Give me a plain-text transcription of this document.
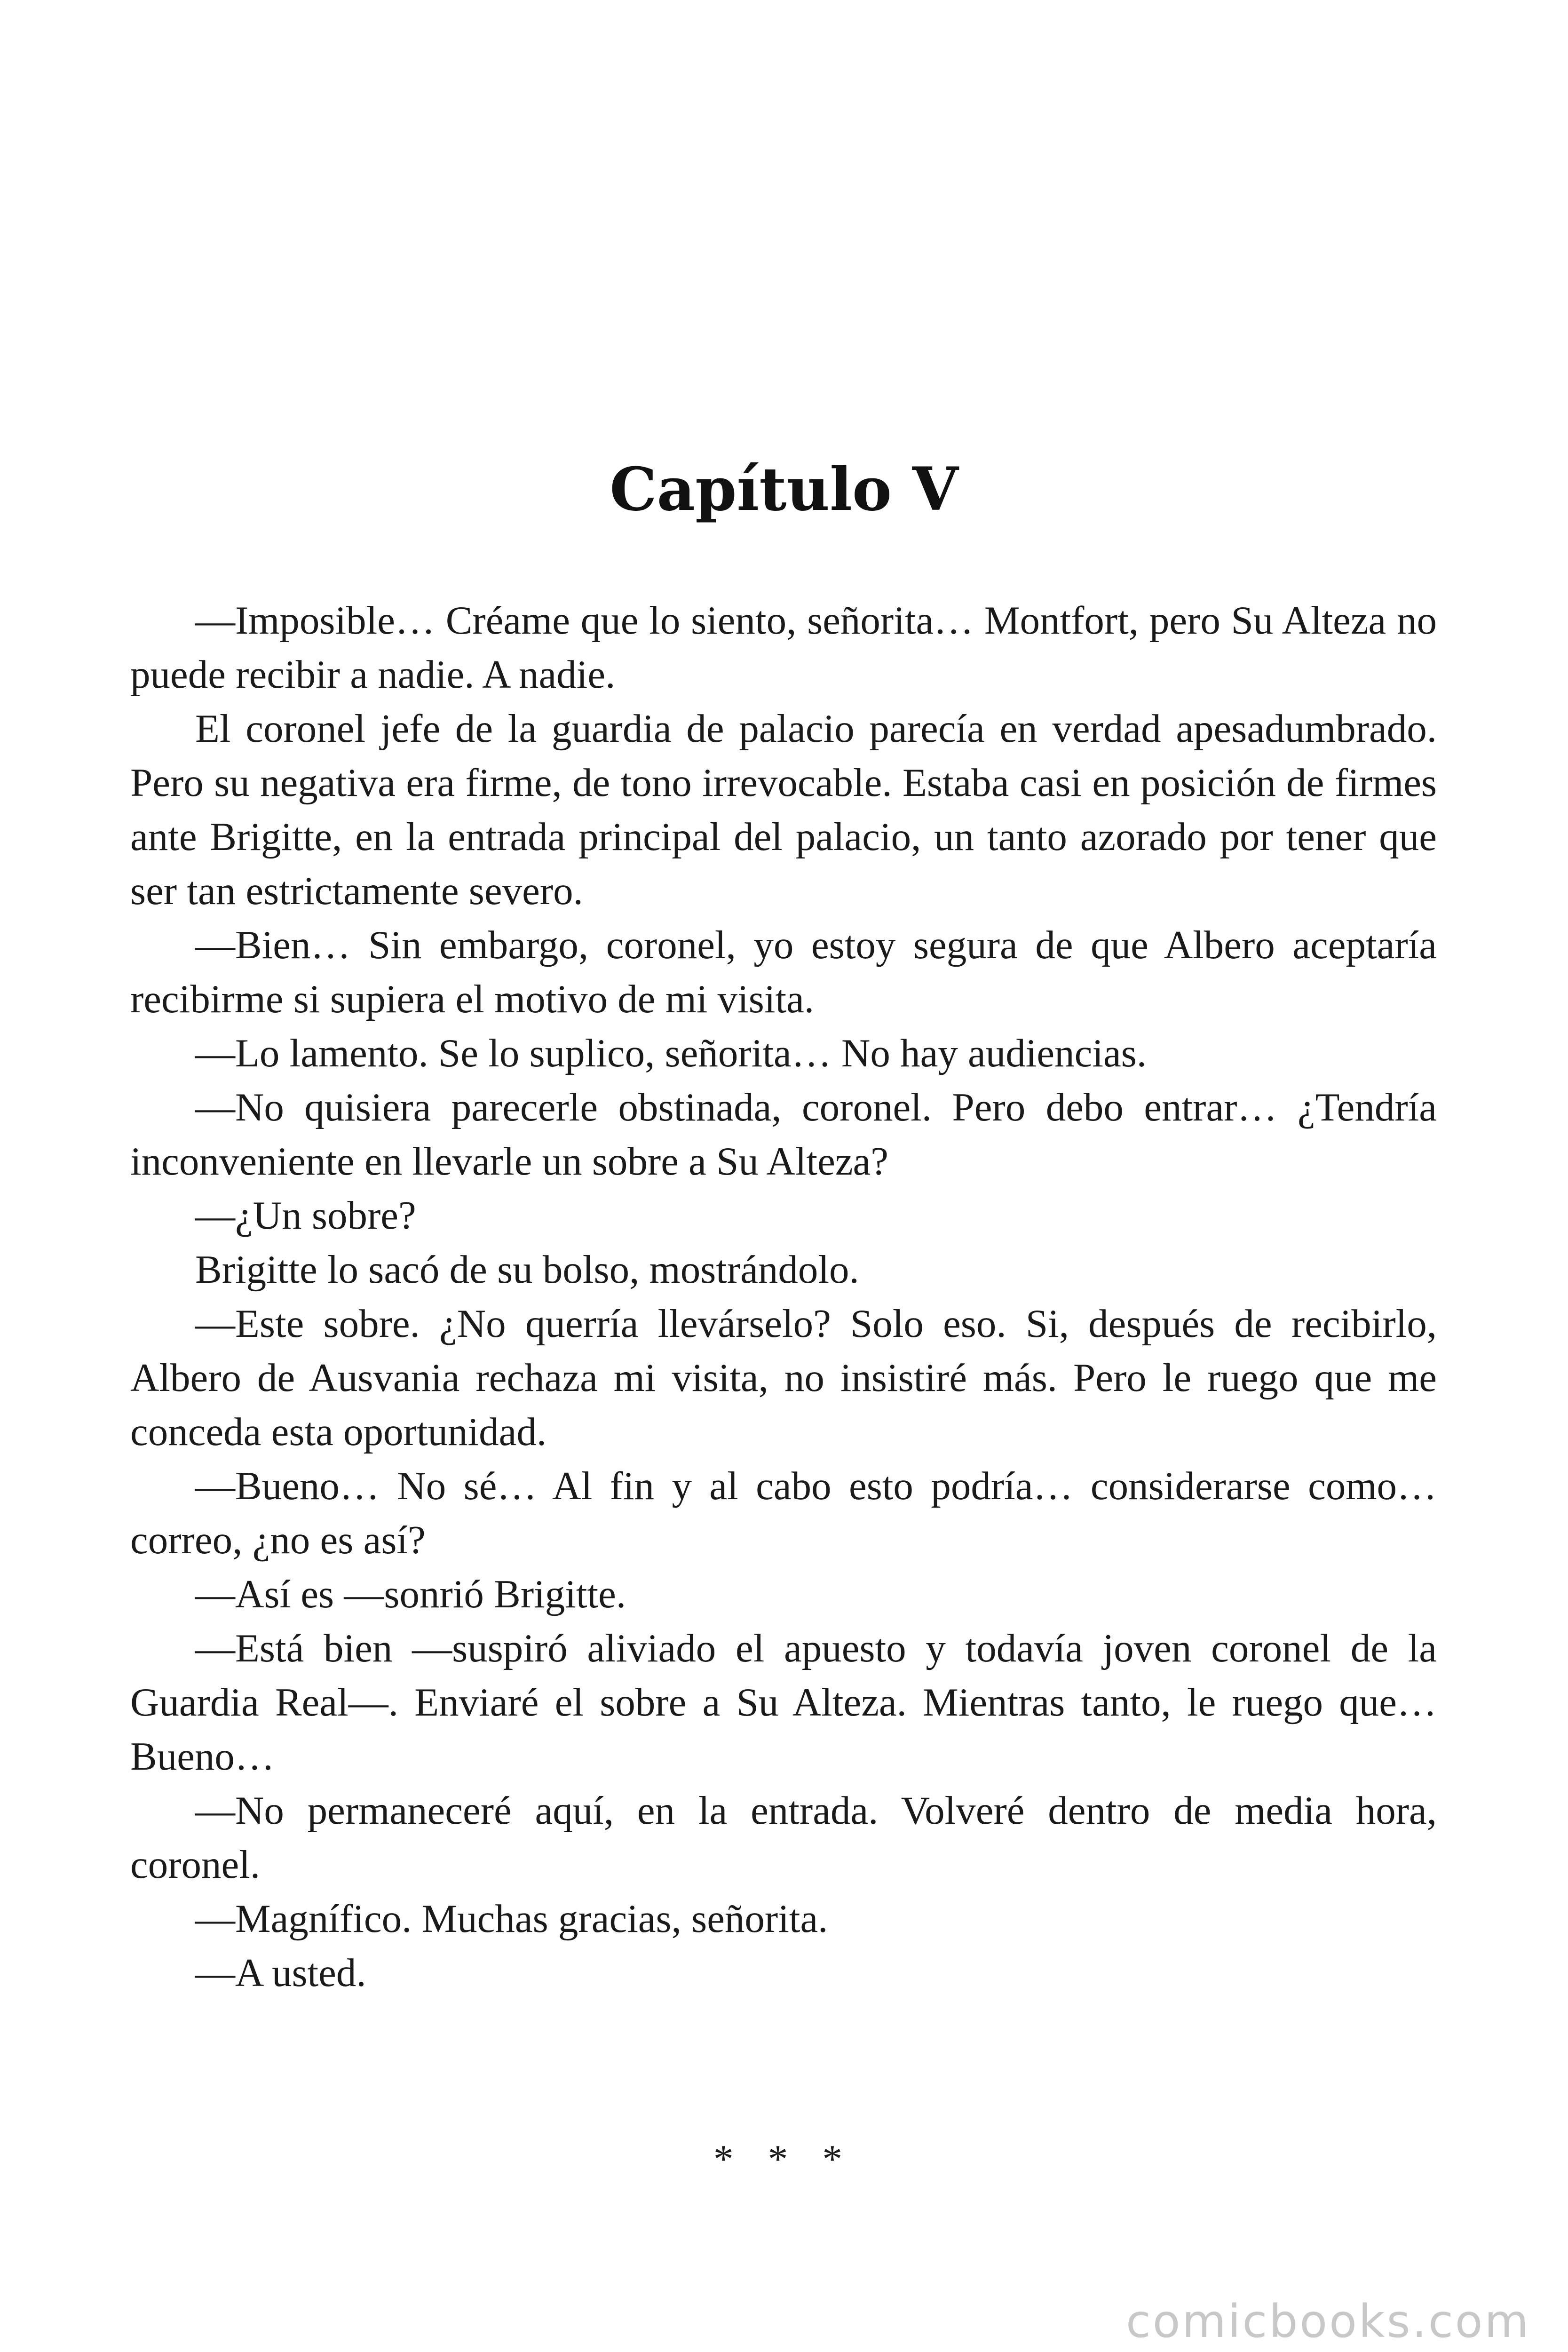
Capítulo V

—Imposible… Créame que lo siento, señorita… Montfort, pero Su Alteza no puede recibir a nadie. A nadie.

El coronel jefe de la guardia de palacio parecía en verdad apesadumbrado. Pero su negativa era firme, de tono irrevocable. Estaba casi en posición de firmes ante Brigitte, en la entrada principal del palacio, un tanto azorado por tener que ser tan estrictamente severo.

—Bien… Sin embargo, coronel, yo estoy segura de que Albero aceptaría recibirme si supiera el motivo de mi visita.

—Lo lamento. Se lo suplico, señorita… No hay audiencias.

—No quisiera parecerle obstinada, coronel. Pero debo entrar… ¿Tendría inconveniente en llevarle un sobre a Su Alteza?

—¿Un sobre?

Brigitte lo sacó de su bolso, mostrándolo.

—Este sobre. ¿No querría llevárselo? Solo eso. Si, después de recibirlo, Albero de Ausvania rechaza mi visita, no insistiré más. Pero le ruego que me conceda esta oportunidad.

—Bueno… No sé… Al fin y al cabo esto podría… considerarse como… correo, ¿no es así?

—Así es —sonrió Brigitte.

—Está bien —suspiró aliviado el apuesto y todavía joven coronel de la Guardia Real—. Enviaré el sobre a Su Alteza. Mientras tanto, le ruego que… Bueno…

—No permaneceré aquí, en la entrada. Volveré dentro de media hora, coronel.

—Magnífico. Muchas gracias, señorita.

—A usted.

* * *
comicbooks.com
